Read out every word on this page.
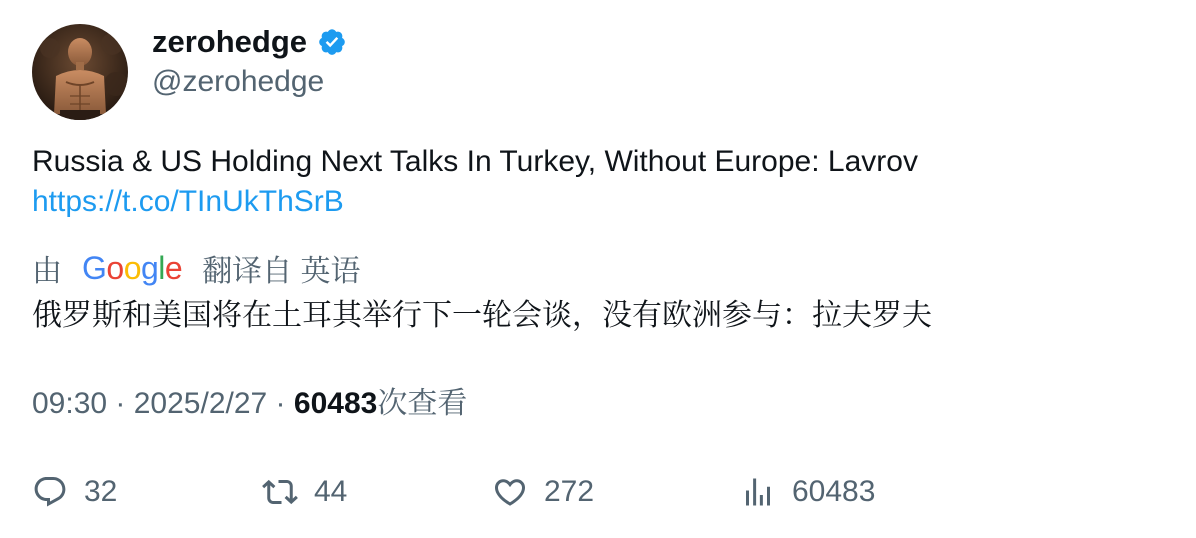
zerohedge
@zerohedge
Russia & US Holding Next Talks In Turkey, Without Europe: Lavrov
https://t.co/TInUkThSrB
由 Google 翻译自 英语
俄罗斯和美国将在土耳其举行下一轮会谈，没有欧洲参与：拉夫罗夫
09:30 · 2025/2/27 · 60483次查看
32	44	272	60483
